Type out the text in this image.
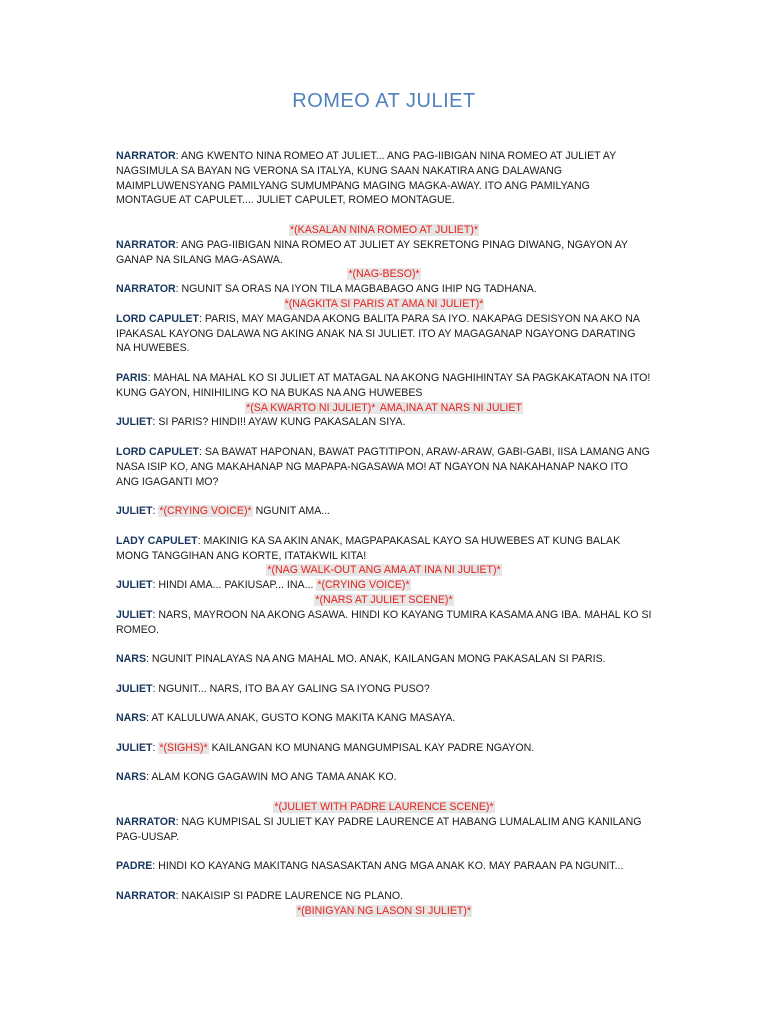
ROMEO AT JULIET

NARRATOR: ANG KWENTO NINA ROMEO AT JULIET... ANG PAG-IIBIGAN NINA ROMEO AT JULIET AY NAGSIMULA SA BAYAN NG VERONA SA ITALYA, KUNG SAAN NAKATIRA ANG DALAWANG MAIMPLUWENSYANG PAMILYANG SUMUMPANG MAGING MAGKA-AWAY. ITO ANG PAMILYANG MONTAGUE AT CAPULET.... JULIET CAPULET, ROMEO MONTAGUE.

*(KASALAN NINA ROMEO AT JULIET)*

NARRATOR: ANG PAG-IIBIGAN NINA ROMEO AT JULIET AY SEKRETONG PINAG DIWANG, NGAYON AY GANAP NA SILANG MAG-ASAWA.

*(NAG-BESO)*

NARRATOR: NGUNIT SA ORAS NA IYON TILA MAGBABAGO ANG IHIP NG TADHANA.

*(NAGKITA SI PARIS AT AMA NI JULIET)*

LORD CAPULET: PARIS, MAY MAGANDA AKONG BALITA PARA SA IYO. NAKAPAG DESISYON NA AKO NA IPAKASAL KAYONG DALAWA NG AKING ANAK NA SI JULIET. ITO AY MAGAGANAP NGAYONG DARATING NA HUWEBES.

PARIS: MAHAL NA MAHAL KO SI JULIET AT MATAGAL NA AKONG NAGHIHINTAY SA PAGKAKATAON NA ITO! KUNG GAYON, HINIHILING KO NA BUKAS NA ANG HUWEBES

*(SA KWARTO NI JULIET)* AMA,INA AT NARS NI JULIET

JULIET: SI PARIS? HINDI!! AYAW KUNG PAKASALAN SIYA.

LORD CAPULET: SA BAWAT HAPONAN, BAWAT PAGTITIPON, ARAW-ARAW, GABI-GABI, IISA LAMANG ANG NASA ISIP KO, ANG MAKAHANAP NG MAPAPA-NGASAWA MO! AT NGAYON NA NAKAHANAP NAKO ITO ANG IGAGANTI MO?

JULIET: *(CRYING VOICE)* NGUNIT AMA...

LADY CAPULET: MAKINIG KA SA AKIN ANAK, MAGPAPAKASAL KAYO SA HUWEBES AT KUNG BALAK MONG TANGGIHAN ANG KORTE, ITATAKWIL KITA!

*(NAG WALK-OUT ANG AMA AT INA NI JULIET)*

JULIET: HINDI AMA... PAKIUSAP... INA... *(CRYING VOICE)*

*(NARS AT JULIET SCENE)*

JULIET: NARS, MAYROON NA AKONG ASAWA. HINDI KO KAYANG TUMIRA KASAMA ANG IBA. MAHAL KO SI ROMEO.

NARS: NGUNIT PINALAYAS NA ANG MAHAL MO. ANAK, KAILANGAN MONG PAKASALAN SI PARIS.

JULIET: NGUNIT... NARS, ITO BA AY GALING SA IYONG PUSO?

NARS: AT KALULUWA ANAK, GUSTO KONG MAKITA KANG MASAYA.

JULIET: *(SIGHS)* KAILANGAN KO MUNANG MANGUMPISAL KAY PADRE NGAYON.

NARS: ALAM KONG GAGAWIN MO ANG TAMA ANAK KO.

*(JULIET WITH PADRE LAURENCE SCENE)*

NARRATOR: NAG KUMPISAL SI JULIET KAY PADRE LAURENCE AT HABANG LUMALALIM ANG KANILANG PAG-UUSAP.

PADRE: HINDI KO KAYANG MAKITANG NASASAKTAN ANG MGA ANAK KO. MAY PARAAN PA NGUNIT...

NARRATOR: NAKAISIP SI PADRE LAURENCE NG PLANO.

*(BINIGYAN NG LASON SI JULIET)*
